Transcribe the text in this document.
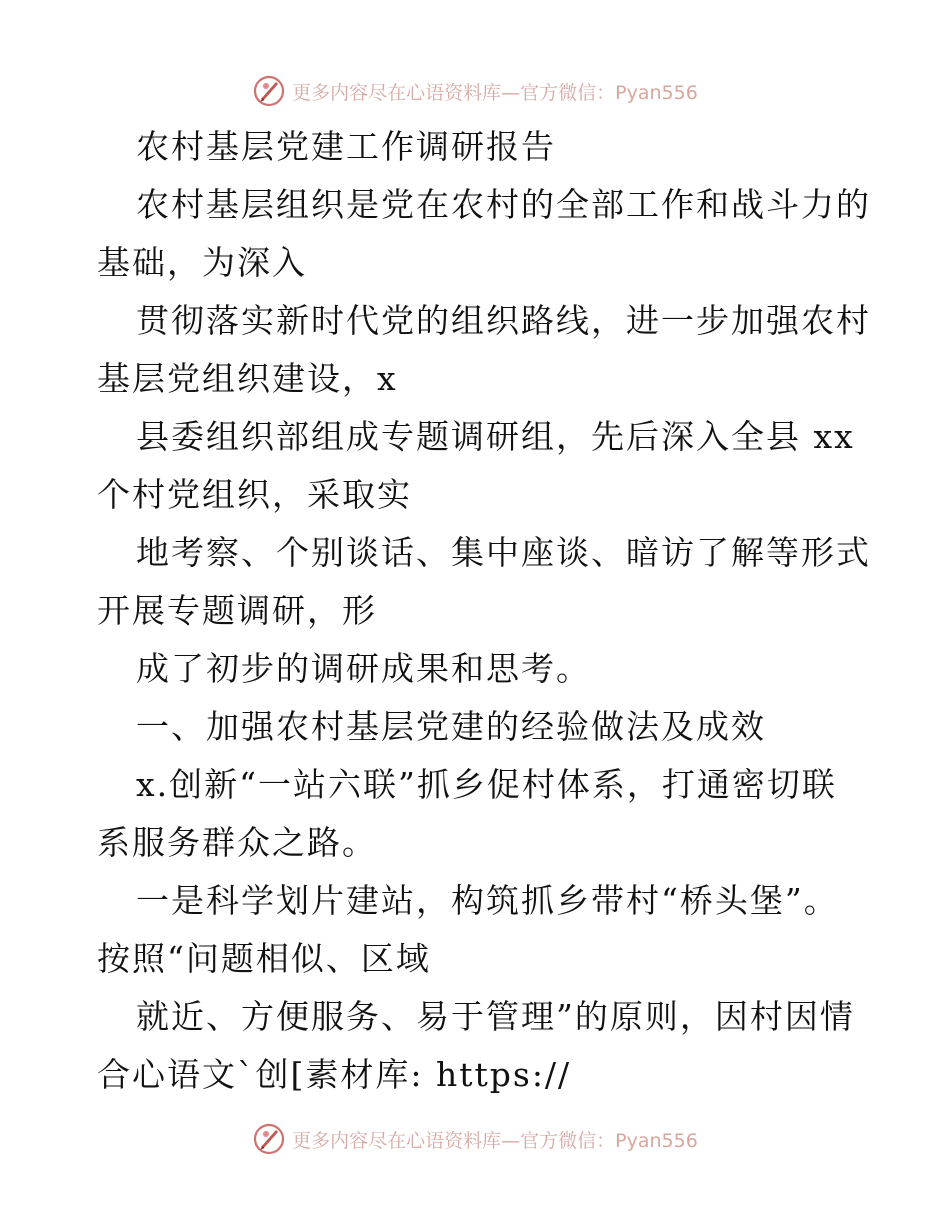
更多内容尽在心语资料库—官方微信：Pyan556
农村基层党建工作调研报告
农村基层组织是党在农村的全部工作和战斗力的
基础，为深入
贯彻落实新时代党的组织路线，进一步加强农村
基层党组织建设，x
县委组织部组成专题调研组，先后深入全县 xx
个村党组织，采取实
地考察、个别谈话、集中座谈、暗访了解等形式
开展专题调研，形
成了初步的调研成果和思考。
一、加强农村基层党建的经验做法及成效
x.创新“一站六联”抓乡促村体系，打通密切联
系服务群众之路。
一是科学划片建站，构筑抓乡带村“桥头堡”。
按照“问题相似、区域
就近、方便服务、易于管理”的原则，因村因情
合心语文`创[素材库: https://
更多内容尽在心语资料库—官方微信：Pyan556
